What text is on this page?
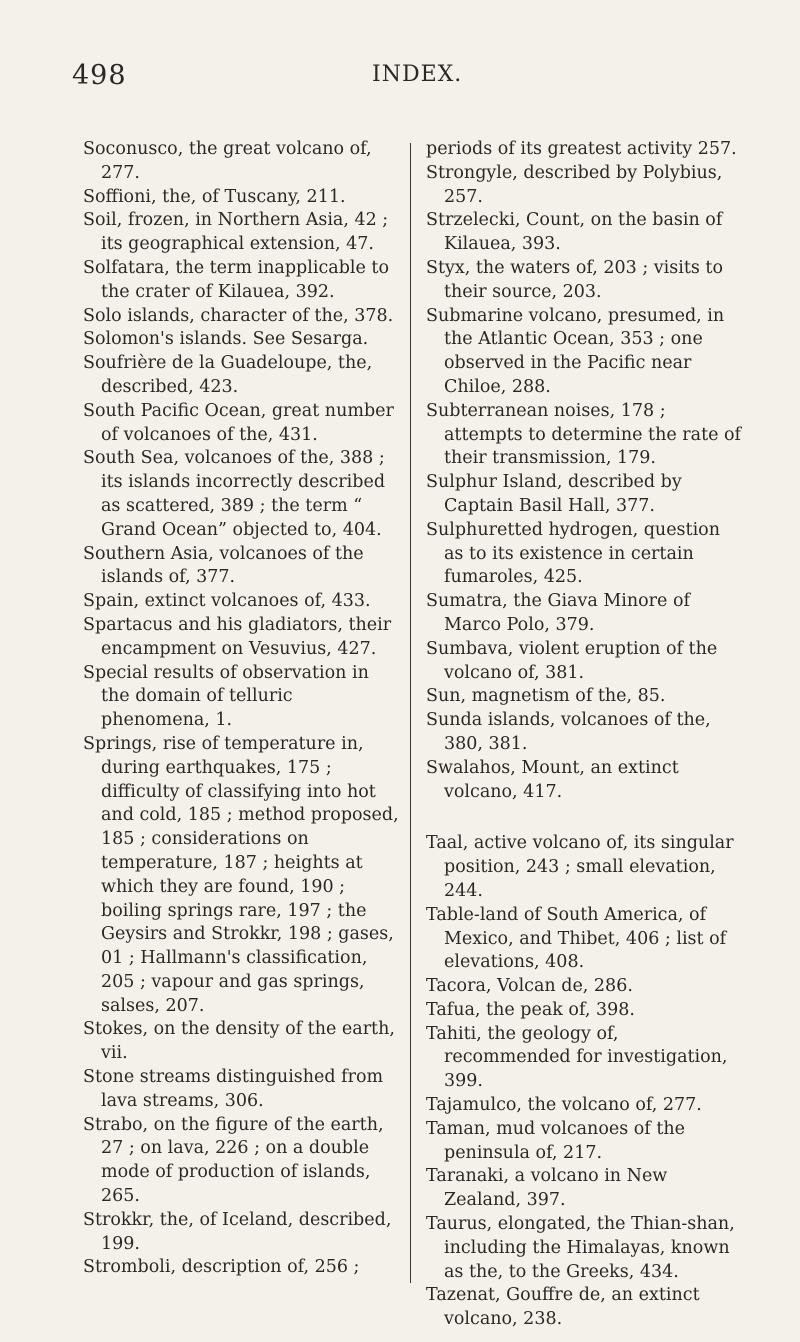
498	INDEX.

Soconusco, the great volcano of, 277.

Soffioni, the, of Tuscany, 211.

Soil, frozen, in Northern Asia, 42 ; its geographical extension, 47.

Solfatara, the term inapplicable to the crater of Kilauea, 392.

Solo islands, character of the, 378.

Solomon's islands. See Sesarga.

Soufrière de la Guadeloupe, the, described, 423.

South Pacific Ocean, great number of volcanoes of the, 431.

South Sea, volcanoes of the, 388 ; its islands incorrectly described as scattered, 389 ; the term “ Grand Ocean” objected to, 404.

Southern Asia, volcanoes of the islands of, 377.

Spain, extinct volcanoes of, 433.

Spartacus and his gladiators, their encampment on Vesuvius, 427.

Special results of observation in the domain of telluric phenomena, 1.

Springs, rise of temperature in, during earthquakes, 175 ; difficulty of classifying into hot and cold, 185 ; method proposed, 185 ; considerations on temperature, 187 ; heights at which they are found, 190 ; boiling springs rare, 197 ; the Geysirs and Strokkr, 198 ; gases, 01 ; Hallmann's classification, 205 ; vapour and gas springs, salses, 207.

Stokes, on the density of the earth, vii.

Stone streams distinguished from lava streams, 306.

Strabo, on the figure of the earth, 27 ; on lava, 226 ; on a double mode of production of islands, 265.

Strokkr, the, of Iceland, described, 199.

Stromboli, description of, 256 ;

periods of its greatest activity 257.

Strongyle, described by Polybius, 257.

Strzelecki, Count, on the basin of Kilauea, 393.

Styx, the waters of, 203 ; visits to their source, 203.

Submarine volcano, presumed, in the Atlantic Ocean, 353 ; one observed in the Pacific near Chiloe, 288.

Subterranean noises, 178 ; attempts to determine the rate of their transmission, 179.

Sulphur Island, described by Captain Basil Hall, 377.

Sulphuretted hydrogen, question as to its existence in certain fumaroles, 425.

Sumatra, the Giava Minore of Marco Polo, 379.

Sumbava, violent eruption of the volcano of, 381.

Sun, magnetism of the, 85.

Sunda islands, volcanoes of the, 380, 381.

Swalahos, Mount, an extinct volcano, 417.

Taal, active volcano of, its singular position, 243 ; small elevation, 244.

Table-land of South America, of Mexico, and Thibet, 406 ; list of elevations, 408.

Tacora, Volcan de, 286.

Tafua, the peak of, 398.

Tahiti, the geology of, recommended for investigation, 399.

Tajamulco, the volcano of, 277.

Taman, mud volcanoes of the peninsula of, 217.

Taranaki, a volcano in New Zealand, 397.

Taurus, elongated, the Thian-shan, including the Himalayas, known as the, to the Greeks, 434.

Tazenat, Gouffre de, an extinct volcano, 238.
